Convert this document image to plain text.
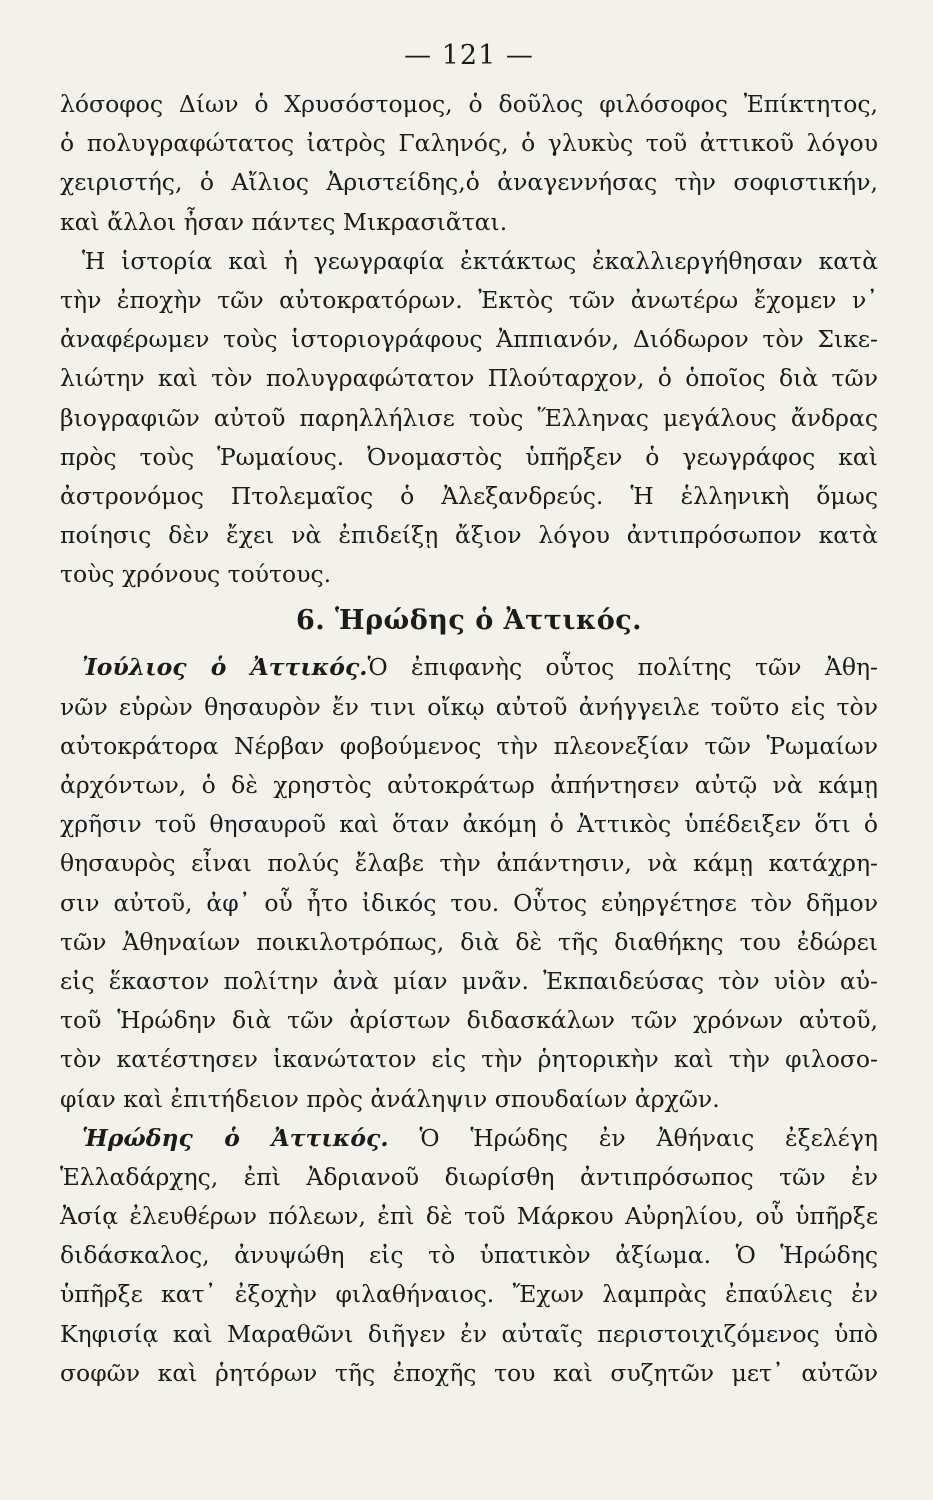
— 121 —
λόσοφος Δίων ὁ Χρυσόστομος, ὁ δοῦλος φιλόσοφος Ἐπίκτητος,
ὁ πολυγραφώτατος ἰατρὸς Γαληνός, ὁ γλυκὺς τοῦ ἀττικοῦ λόγου
χειριστής, ὁ Αἴλιος Ἀριστείδης,ὁ ἀναγεννήσας τὴν σοφιστικήν,
καὶ ἄλλοι ἦσαν πάντες Μικρασιᾶται.
Ἡ ἱστορία καὶ ἡ γεωγραφία ἐκτάκτως ἐκαλλιεργήθησαν κατὰ
τὴν ἐποχὴν τῶν αὐτοκρατόρων. Ἐκτὸς τῶν ἀνωτέρω ἔχομεν ν᾽
ἀναφέρωμεν τοὺς ἱστοριογράφους Ἀππιανόν, Διόδωρον τὸν Σικε-
λιώτην καὶ τὸν πολυγραφώτατον Πλούταρχον, ὁ ὁποῖος διὰ τῶν
βιογραφιῶν αὐτοῦ παρηλλήλισε τοὺς Ἕλληνας μεγάλους ἄνδρας
πρὸς τοὺς Ῥωμαίους. Ὀνομαστὸς ὑπῆρξεν ὁ γεωγράφος καὶ
ἀστρονόμος Πτολεμαῖος ὁ Ἀλεξανδρεύς. Ἡ ἑλληνικὴ ὅμως
ποίησις δὲν ἔχει νὰ ἐπιδείξῃ ἄξιον λόγου ἀντιπρόσωπον κατὰ
τοὺς χρόνους τούτους.
6. Ἡρώδης ὁ Ἀττικός.
Ἰούλιος ὁ Ἀττικός.Ὁ ἐπιφανὴς οὗτος πολίτης τῶν Ἀθη-
νῶν εὑρὼν θησαυρὸν ἔν τινι οἴκῳ αὐτοῦ ἀνήγγειλε τοῦτο εἰς τὸν
αὐτοκράτορα Νέρβαν φοβούμενος τὴν πλεονεξίαν τῶν Ῥωμαίων
ἀρχόντων, ὁ δὲ χρηστὸς αὐτοκράτωρ ἀπήντησεν αὐτῷ νὰ κάμῃ
χρῆσιν τοῦ θησαυροῦ καὶ ὅταν ἀκόμη ὁ Ἀττικὸς ὑπέδειξεν ὅτι ὁ
θησαυρὸς εἶναι πολύς ἔλαβε τὴν ἀπάντησιν, νὰ κάμῃ κατάχρη-
σιν αὐτοῦ, ἀφ᾽ οὗ ἦτο ἰδικός του. Οὗτος εὐηργέτησε τὸν δῆμον
τῶν Ἀθηναίων ποικιλοτρόπως, διὰ δὲ τῆς διαθήκης του ἐδώρει
εἰς ἕκαστον πολίτην ἀνὰ μίαν μνᾶν. Ἐκπαιδεύσας τὸν υἱὸν αὐ-
τοῦ Ἡρώδην διὰ τῶν ἀρίστων διδασκάλων τῶν χρόνων αὐτοῦ,
τὸν κατέστησεν ἱκανώτατον εἰς τὴν ῥητορικὴν καὶ τὴν φιλοσο-
φίαν καὶ ἐπιτήδειον πρὸς ἀνάληψιν σπουδαίων ἀρχῶν.
Ἡρώδης ὁ Ἀττικός. Ὁ Ἡρώδης ἐν Ἀθήναις ἐξελέγη
Ἑλλαδάρχης, ἐπὶ Ἀδριανοῦ διωρίσθη ἀντιπρόσωπος τῶν ἐν
Ἀσίᾳ ἐλευθέρων πόλεων, ἐπὶ δὲ τοῦ Μάρκου Αὐρηλίου, οὗ ὑπῆρξε
διδάσκαλος, ἀνυψώθη εἰς τὸ ὑπατικὸν ἀξίωμα. Ὁ Ἡρώδης
ὑπῆρξε κατ᾽ ἐξοχὴν φιλαθήναιος. Ἔχων λαμπρὰς ἐπαύλεις ἐν
Κηφισίᾳ καὶ Μαραθῶνι διῆγεν ἐν αὐταῖς περιστοιχιζόμενος ὑπὸ
σοφῶν καὶ ῥητόρων τῆς ἐποχῆς του καὶ συζητῶν μετ᾽ αὐτῶν
